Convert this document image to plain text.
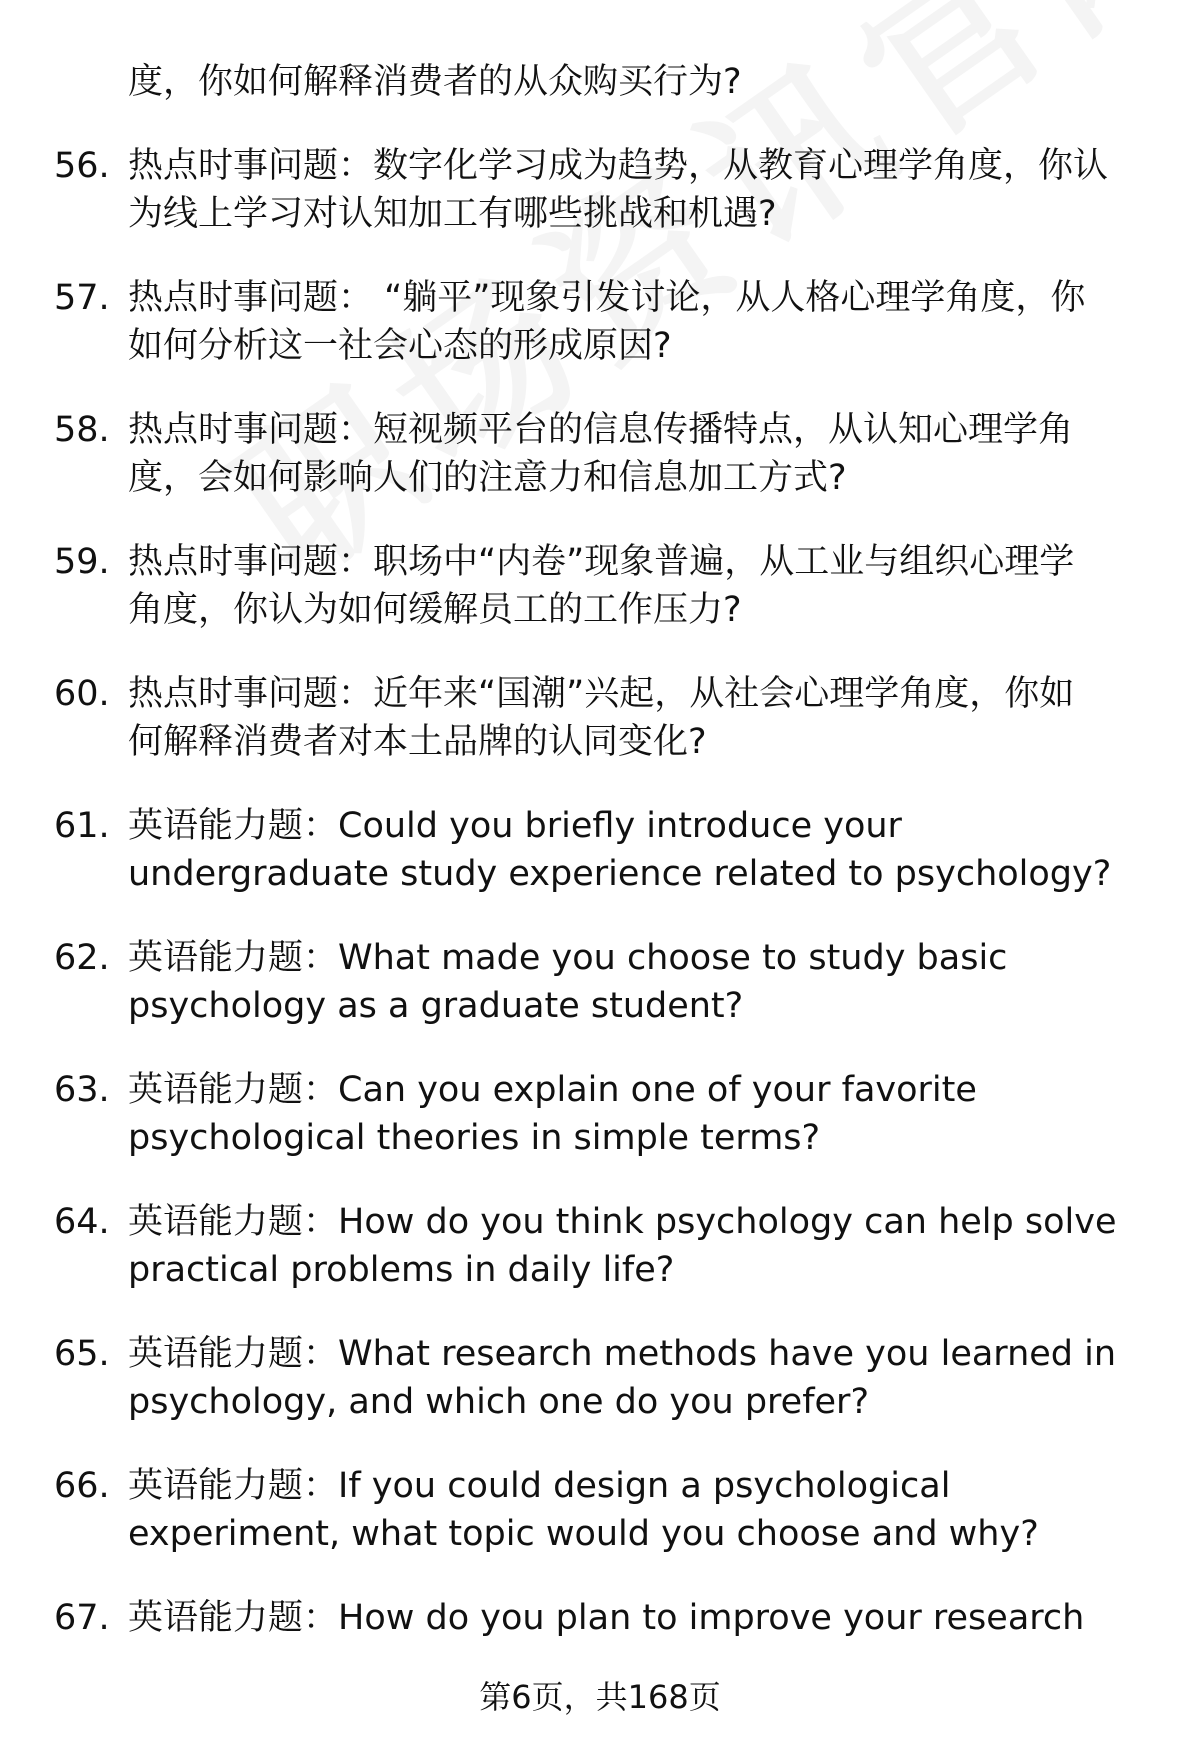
度，你如何解释消费者的从众购买行为?
56. 热点时事问题：数字化学习成为趋势，从教育心理学角度，你认
为线上学习对认知加工有哪些挑战和机遇?
57. 热点时事问题： “躺平”现象引发讨论，从人格心理学角度，你
如何分析这一社会心态的形成原因?
58. 热点时事问题：短视频平台的信息传播特点，从认知心理学角
度，会如何影响人们的注意力和信息加工方式?
59. 热点时事问题：职场中“内卷”现象普遍，从工业与组织心理学
角度，你认为如何缓解员工的工作压力?
60. 热点时事问题：近年来“国潮”兴起，从社会心理学角度，你如
何解释消费者对本土品牌的认同变化?
61. 英语能力题：Could you briefly introduce your
undergraduate study experience related to psychology?
62. 英语能力题：What made you choose to study basic
psychology as a graduate student?
63. 英语能力题：Can you explain one of your favorite
psychological theories in simple terms?
64. 英语能力题：How do you think psychology can help solve
practical problems in daily life?
65. 英语能力题：What research methods have you learned in
psychology, and which one do you prefer?
66. 英语能力题：If you could design a psychological
experiment, what topic would you choose and why?
67. 英语能力题：How do you plan to improve your research
第6页，共168页
